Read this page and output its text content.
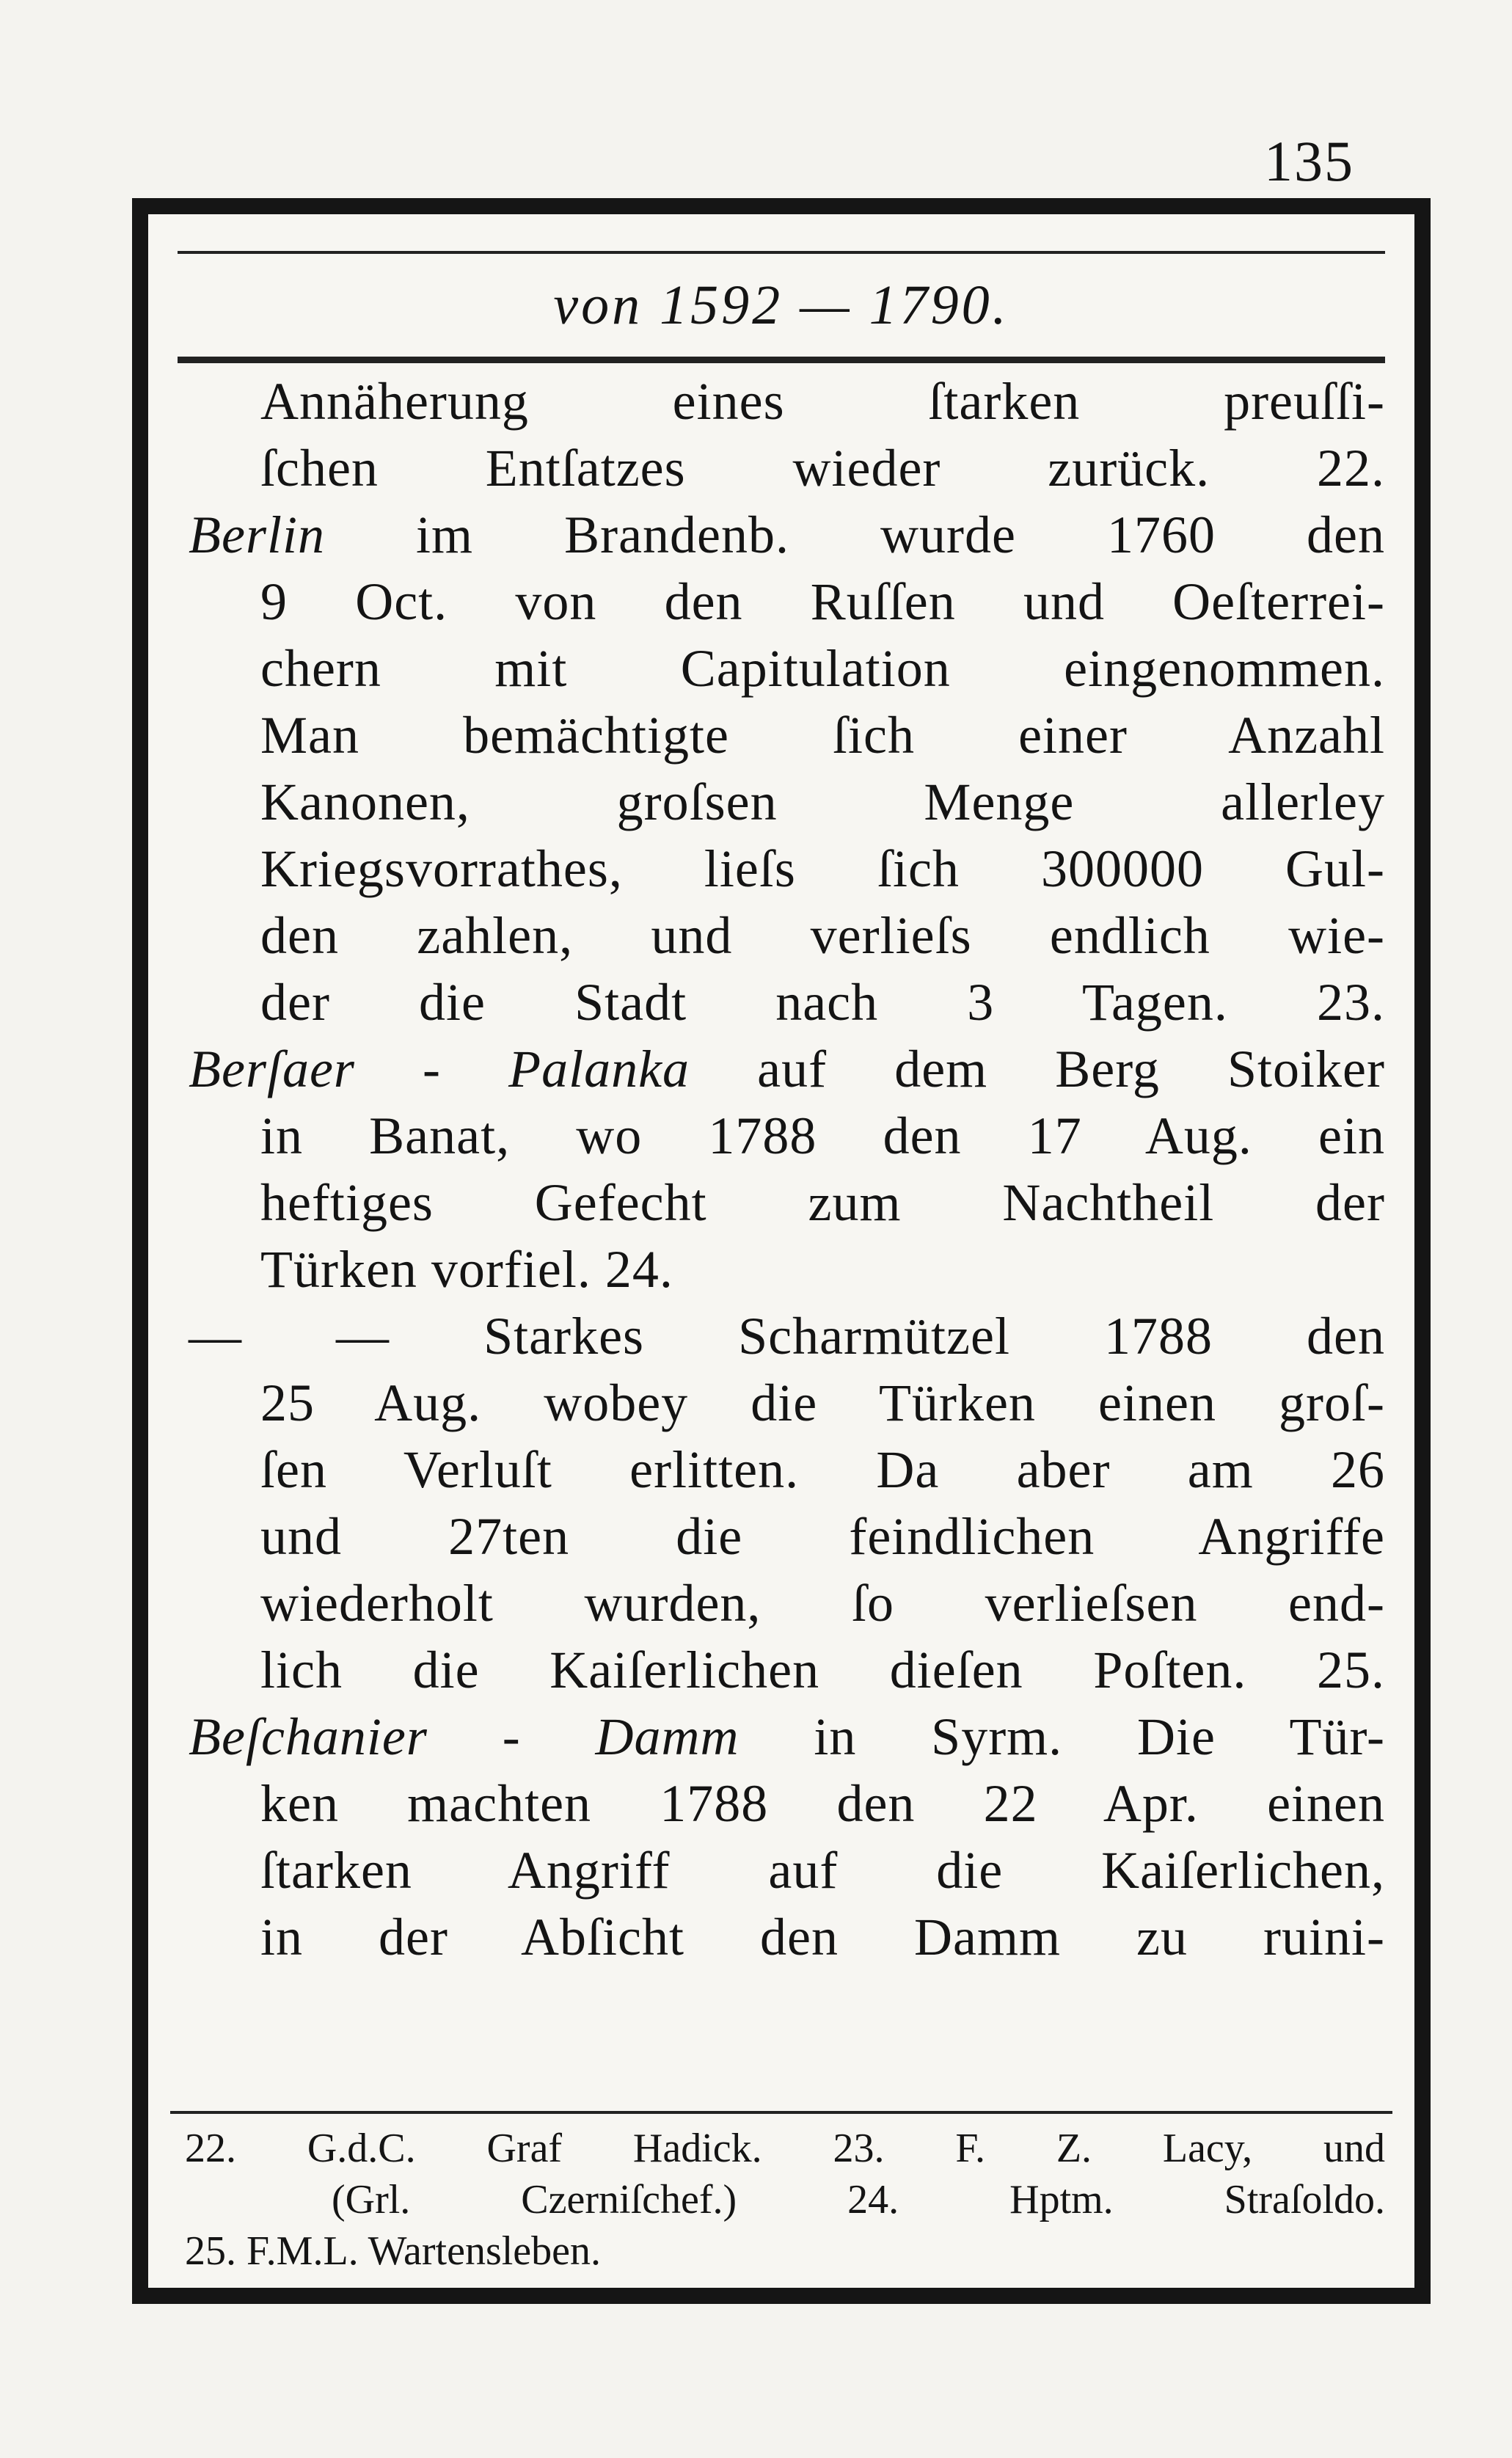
135
von 1592 — 1790.
Annäherung eines ſtarken preuſſi-
ſchen Entſatzes wieder zurück. 22.
Berlin im Brandenb. wurde 1760 den
9 Oct. von den Ruſſen und Oeſterrei-
chern mit Capitulation eingenommen.
Man bemächtigte ſich einer Anzahl
Kanonen, groſsen Menge allerley
Kriegsvorrathes, lieſs ſich 300000 Gul-
den zahlen, und verlieſs endlich wie-
der die Stadt nach 3 Tagen. 23.
Berſaer - Palanka auf dem Berg Stoiker
in Banat, wo 1788 den 17 Aug. ein
heftiges Gefecht zum Nachtheil der
Türken vorfiel. 24.
— — Starkes Scharmützel 1788 den
25 Aug. wobey die Türken einen groſ-
ſen Verluſt erlitten. Da aber am 26
und 27ten die feindlichen Angriffe
wiederholt wurden, ſo verlieſsen end-
lich die Kaiſerlichen dieſen Poſten. 25.
Beſchanier - Damm in Syrm. Die Tür-
ken machten 1788 den 22 Apr. einen
ſtarken Angriff auf die Kaiſerlichen,
in der Abſicht den Damm zu ruini-
22. G.d.C. Graf Hadick. 23. F. Z. Lacy, und
(Grl. Czerniſchef.) 24. Hptm. Straſoldo.
25. F.M.L. Wartensleben.
